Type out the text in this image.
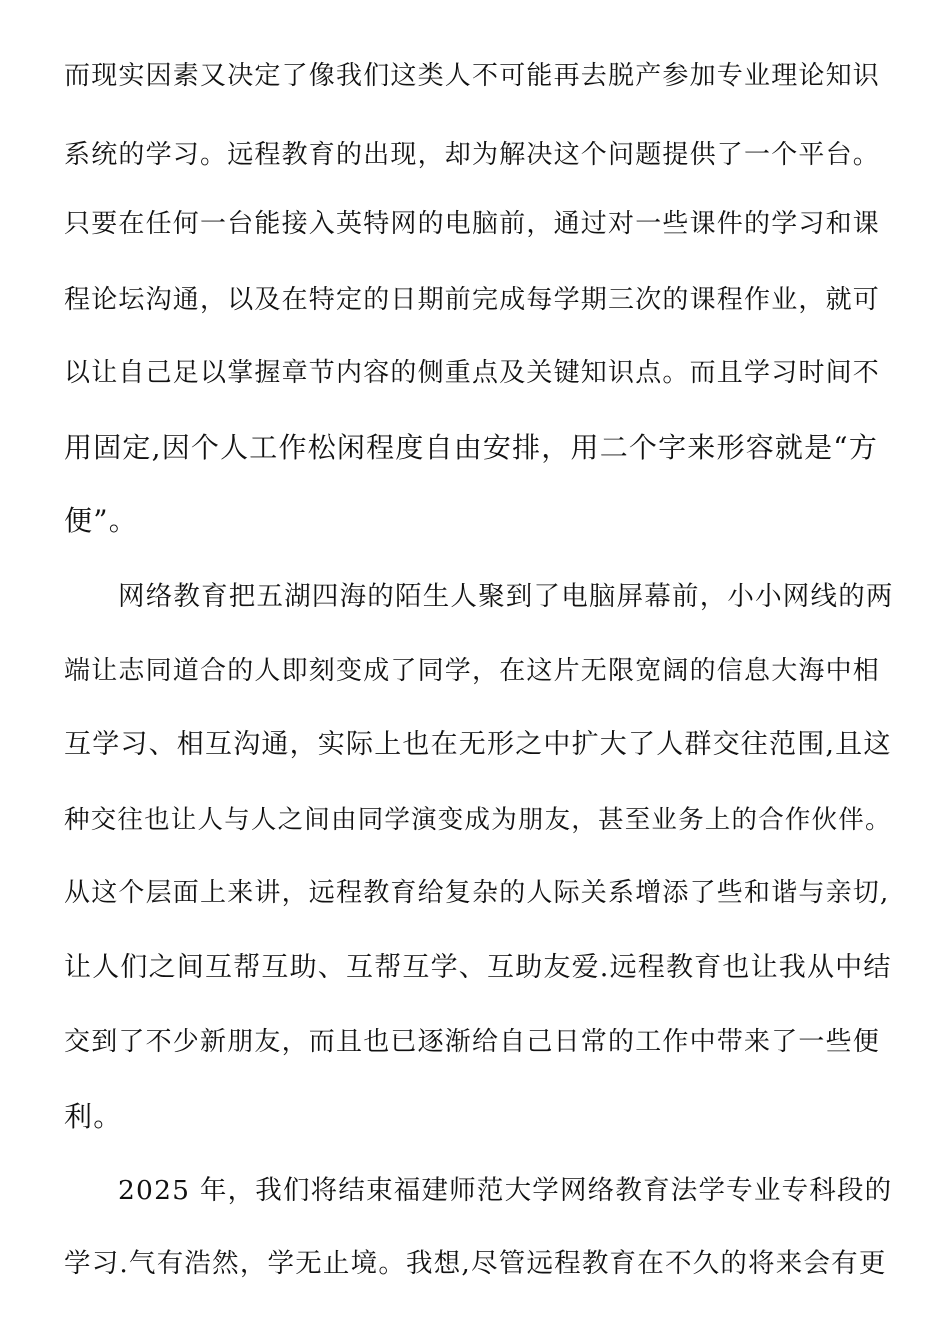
而现实因素又决定了像我们这类人不可能再去脱产参加专业理论知识
系统的学习。远程教育的出现，却为解决这个问题提供了一个平台。
只要在任何一台能接入英特网的电脑前，通过对一些课件的学习和课
程论坛沟通，以及在特定的日期前完成每学期三次的课程作业，就可
以让自己足以掌握章节内容的侧重点及关键知识点。而且学习时间不
用固定,因个人工作松闲程度自由安排，用二个字来形容就是“方
便”。
网络教育把五湖四海的陌生人聚到了电脑屏幕前，小小网线的两
端让志同道合的人即刻变成了同学，在这片无限宽阔的信息大海中相
互学习、相互沟通，实际上也在无形之中扩大了人群交往范围,且这
种交往也让人与人之间由同学演变成为朋友，甚至业务上的合作伙伴。
从这个层面上来讲，远程教育给复杂的人际关系增添了些和谐与亲切,
让人们之间互帮互助、互帮互学、互助友爱.远程教育也让我从中结
交到了不少新朋友，而且也已逐渐给自己日常的工作中带来了一些便
利。
2025 年，我们将结束福建师范大学网络教育法学专业专科段的
学习.气有浩然，学无止境。我想,尽管远程教育在不久的将来会有更
